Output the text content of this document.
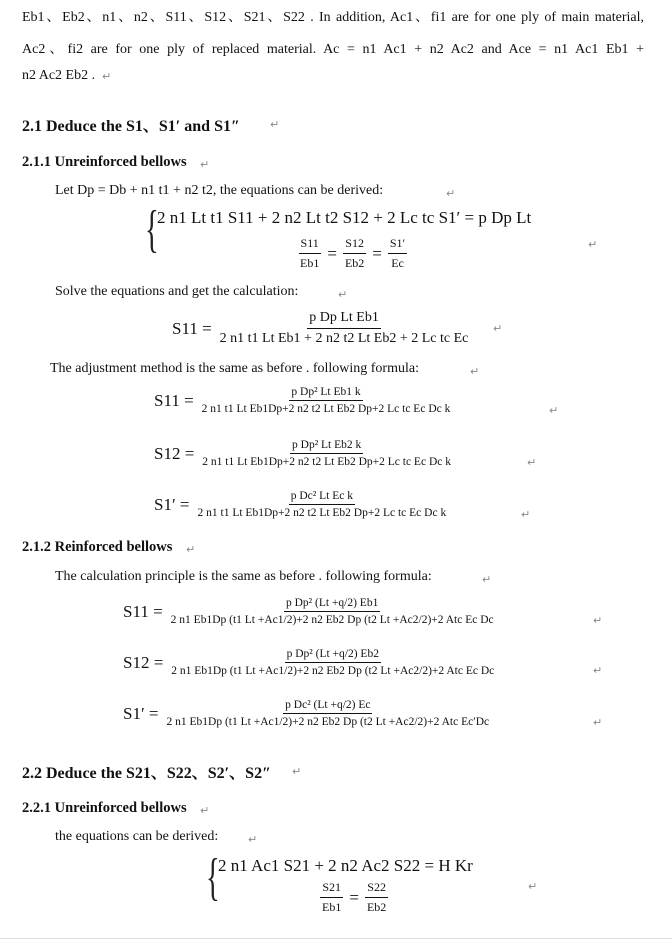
Eb1、Eb2、n1、n2、S11、S12、S21、S22 . In addition, Ac1、fi1 are for one ply of main material,
Ac2、fi2 are for one ply of replaced material. Ac = n1 Ac1 + n2 Ac2 and Ace = n1 Ac1 Eb1 +
n2 Ac2 Eb2 . ↵
2.1 Deduce the S1、S1′ and S1″	↵
2.1.1 Unreinforced bellows ↵
Let Dp = Db + n1 t1 + n2 t2, the equations can be derived:	↵
{
2 n1 Lt t1 S11 + 2 n2 Lt t2 S12 + 2 Lc tc S1′ = p Dp Lt
$\frac{S11}{Eb1} = \frac{S12}{Eb2} = \frac{S1'}{Ec}$	↵
Solve the equations and get the calculation:	↵
$S11 = \frac{\text{p Dp Lt Eb1}}{\text{2 n1 t1 Lt Eb1 + 2 n2 t2 Lt Eb2 + 2 Lc tc Ec}}$ ↵
The adjustment method is the same as before . following formula:	↵
$S11 = \frac{\text{p Dp² Lt Eb1 k}}{\text{2 n1 t1 Lt Eb1Dp+2 n2 t2 Lt Eb2 Dp+2 Lc tc Ec Dc k}}$	↵
$S12 = \frac{\text{p Dp² Lt Eb2 k}}{\text{2 n1 t1 Lt Eb1Dp+2 n2 t2 Lt Eb2 Dp+2 Lc tc Ec Dc k}}$	↵
$S1' = \frac{\text{p Dc² Lt Ec k}}{\text{2 n1 t1 Lt Eb1Dp+2 n2 t2 Lt Eb2 Dp+2 Lc tc Ec Dc k}}$	↵
2.1.2 Reinforced bellows ↵
The calculation principle is the same as before . following formula:	↵
S11 =	p Dp² (Lt +q/2) Eb1
2 n1 Eb1Dp (t1 Lt +Ac1/2)+2 n2 Eb2 Dp (t2 Lt +Ac2/2)+2 Atc Ec Dc	↵
S12 =	p Dp² (Lt +q/2) Eb2
2 n1 Eb1Dp (t1 Lt +Ac1/2)+2 n2 Eb2 Dp (t2 Lt +Ac2/2)+2 Atc Ec Dc	↵
S1′ =	p Dc² (Lt +q/2) Ec
2 n1 Eb1Dp (t1 Lt +Ac1/2)+2 n2 Eb2 Dp (t2 Lt +Ac2/2)+2 Atc Ec′Dc	↵
2.2 Deduce the S21、S22、S2′、S2″ ↵
2.2.1 Unreinforced bellows ↵
the equations can be derived:	↵
{
2 n1 Ac1 S21 + 2 n2 Ac2 S22 = H Kr
$\frac{S21}{Eb1} = \frac{S22}{Eb2}$	↵
